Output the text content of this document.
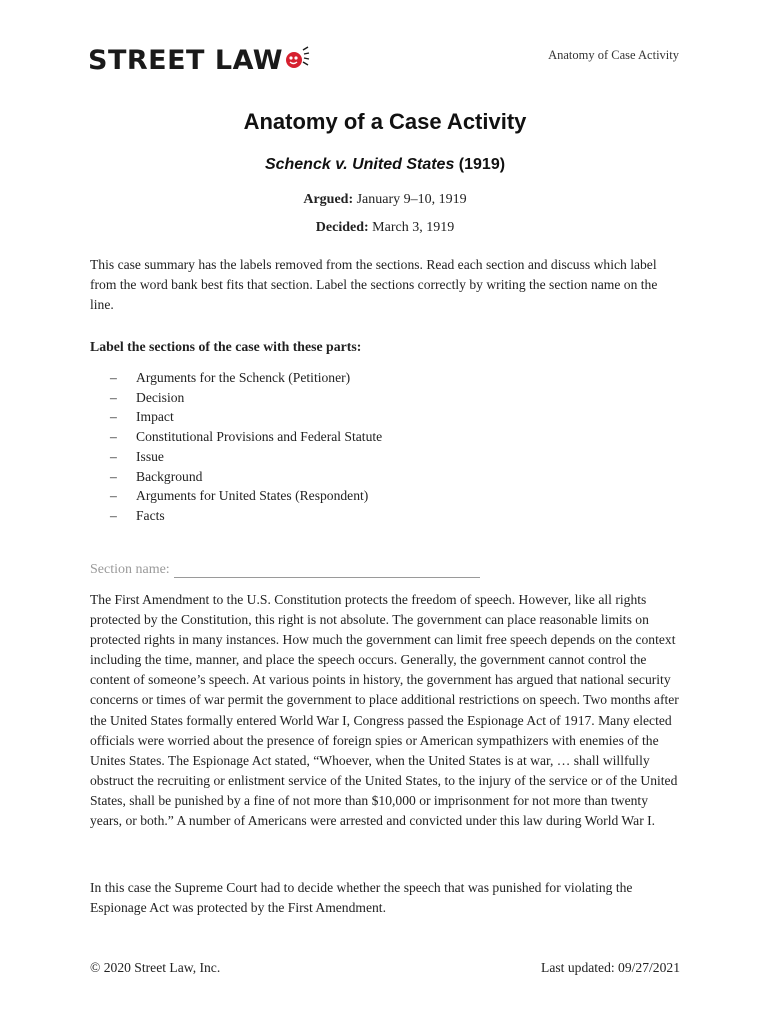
STREET LAW	Anatomy of Case Activity
Anatomy of a Case Activity
Schenck v. United States (1919)
Argued: January 9–10, 1919
Decided: March 3, 1919

This case summary has the labels removed from the sections. Read each section and discuss which label from the word bank best fits that section. Label the sections correctly by writing the section name on the line.

Label the sections of the case with these parts:
– Arguments for the Schenck (Petitioner)
– Decision
– Impact
– Constitutional Provisions and Federal Statute
– Issue
– Background
– Arguments for United States (Respondent)
– Facts
Section name:

The First Amendment to the U.S. Constitution protects the freedom of speech. However, like all rights protected by the Constitution, this right is not absolute. The government can place reasonable limits on protected rights in many instances. How much the government can limit free speech depends on the context including the time, manner, and place the speech occurs. Generally, the government cannot control the content of someone’s speech. At various points in history, the government has argued that national security concerns or times of war permit the government to place additional restrictions on speech. Two months after the United States formally entered World War I, Congress passed the Espionage Act of 1917. Many elected officials were worried about the presence of foreign spies or American sympathizers with enemies of the Unites States. The Espionage Act stated, “Whoever, when the United States is at war, … shall willfully obstruct the recruiting or enlistment service of the United States, to the injury of the service or of the United States, shall be punished by a fine of not more than $10,000 or imprisonment for not more than twenty years, or both.” A number of Americans were arrested and convicted under this law during World War I.

In this case the Supreme Court had to decide whether the speech that was punished for violating the Espionage Act was protected by the First Amendment.

© 2020 Street Law, Inc.	Last updated: 09/27/2021
